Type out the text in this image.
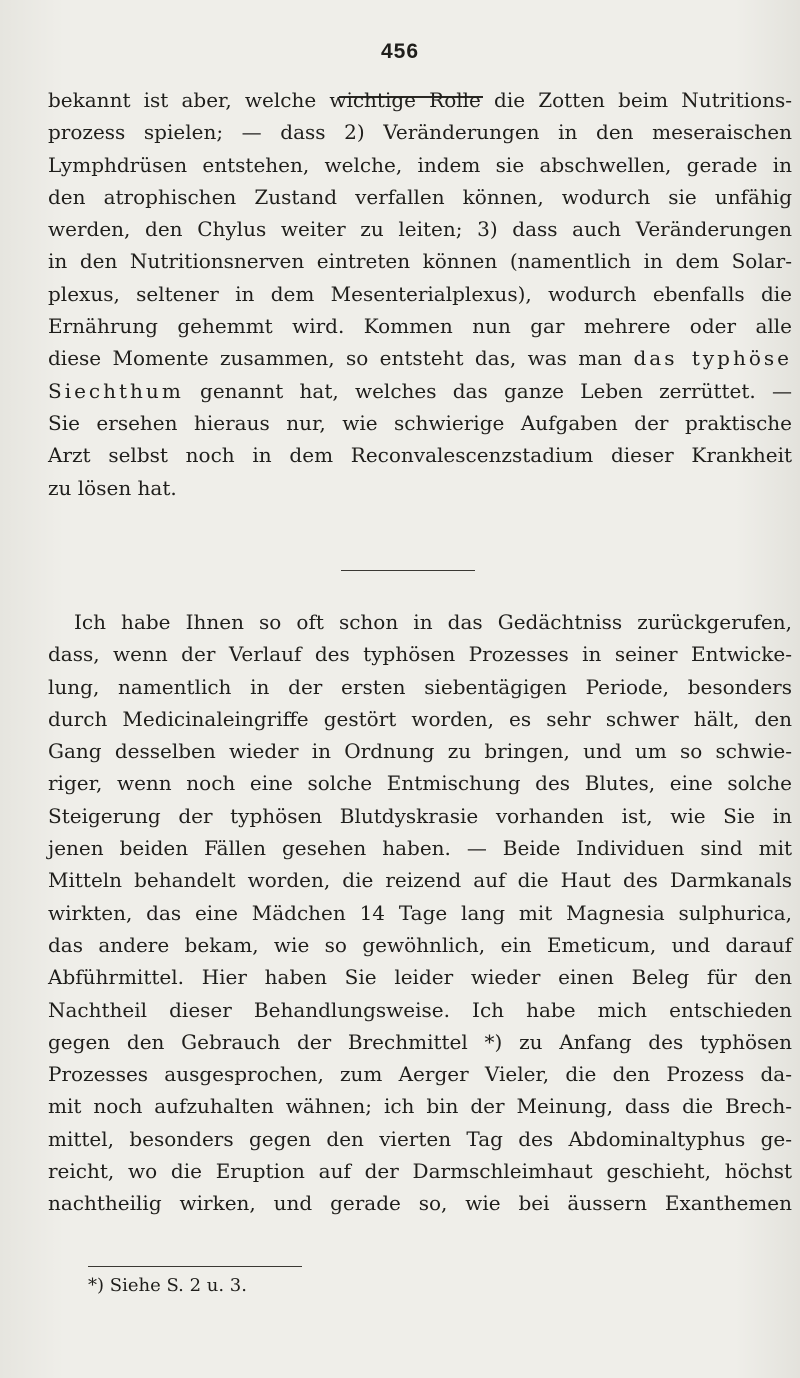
456
bekannt ist aber, welche wichtige Rolle die Zotten beim Nutritions-
prozess spielen; — dass 2) Veränderungen in den meseraischen
Lymphdrüsen entstehen, welche, indem sie abschwellen, gerade in
den atrophischen Zustand verfallen können, wodurch sie unfähig
werden, den Chylus weiter zu leiten; 3) dass auch Veränderungen
in den Nutritionsnerven eintreten können (namentlich in dem Solar-
plexus, seltener in dem Mesenterialplexus), wodurch ebenfalls die
Ernährung gehemmt wird. Kommen nun gar mehrere oder alle
diese Momente zusammen, so entsteht das, was man das typhöse
Siechthum genannt hat, welches das ganze Leben zerrüttet. —
Sie ersehen hieraus nur, wie schwierige Aufgaben der praktische
Arzt selbst noch in dem Reconvalescenzstadium dieser Krankheit
zu lösen hat.
Ich habe Ihnen so oft schon in das Gedächtniss zurückgerufen,
dass, wenn der Verlauf des typhösen Prozesses in seiner Entwicke-
lung, namentlich in der ersten siebentägigen Periode, besonders
durch Medicinaleingriffe gestört worden, es sehr schwer hält, den
Gang desselben wieder in Ordnung zu bringen, und um so schwie-
riger, wenn noch eine solche Entmischung des Blutes, eine solche
Steigerung der typhösen Blutdyskrasie vorhanden ist, wie Sie in
jenen beiden Fällen gesehen haben. — Beide Individuen sind mit
Mitteln behandelt worden, die reizend auf die Haut des Darmkanals
wirkten, das eine Mädchen 14 Tage lang mit Magnesia sulphurica,
das andere bekam, wie so gewöhnlich, ein Emeticum, und darauf
Abführmittel. Hier haben Sie leider wieder einen Beleg für den
Nachtheil dieser Behandlungsweise. Ich habe mich entschieden
gegen den Gebrauch der Brechmittel *) zu Anfang des typhösen
Prozesses ausgesprochen, zum Aerger Vieler, die den Prozess da-
mit noch aufzuhalten wähnen; ich bin der Meinung, dass die Brech-
mittel, besonders gegen den vierten Tag des Abdominaltyphus ge-
reicht, wo die Eruption auf der Darmschleimhaut geschieht, höchst
nachtheilig wirken, und gerade so, wie bei äussern Exanthemen
*) Siehe S. 2 u. 3.
